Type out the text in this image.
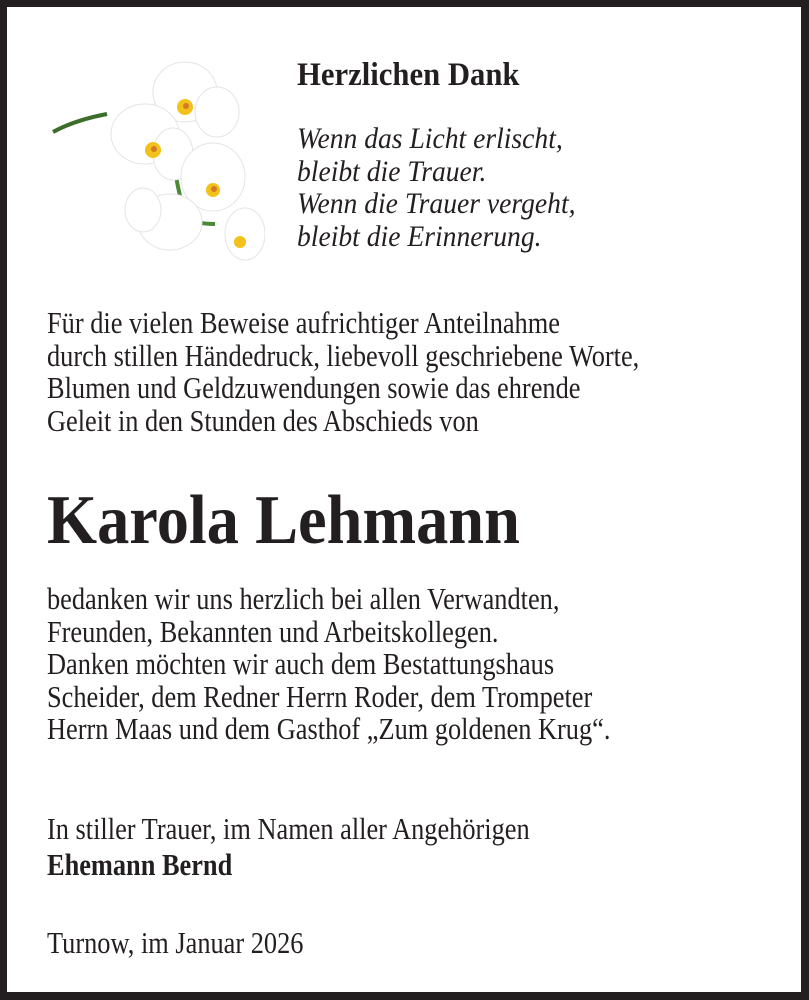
Herzlichen Dank
Wenn das Licht erlischt,
bleibt die Trauer.
Wenn die Trauer vergeht,
bleibt die Erinnerung.
Für die vielen Beweise aufrichtiger Anteilnahme
durch stillen Händedruck, liebevoll geschriebene Worte,
Blumen und Geldzuwendungen sowie das ehrende
Geleit in den Stunden des Abschieds von
Karola Lehmann
bedanken wir uns herzlich bei allen Verwandten,
Freunden, Bekannten und Arbeitskollegen.
Danken möchten wir auch dem Bestattungshaus
Scheider, dem Redner Herrn Roder, dem Trompeter
Herrn Maas und dem Gasthof „Zum goldenen Krug“.
In stiller Trauer, im Namen aller Angehörigen
Ehemann Bernd
Turnow, im Januar 2026
